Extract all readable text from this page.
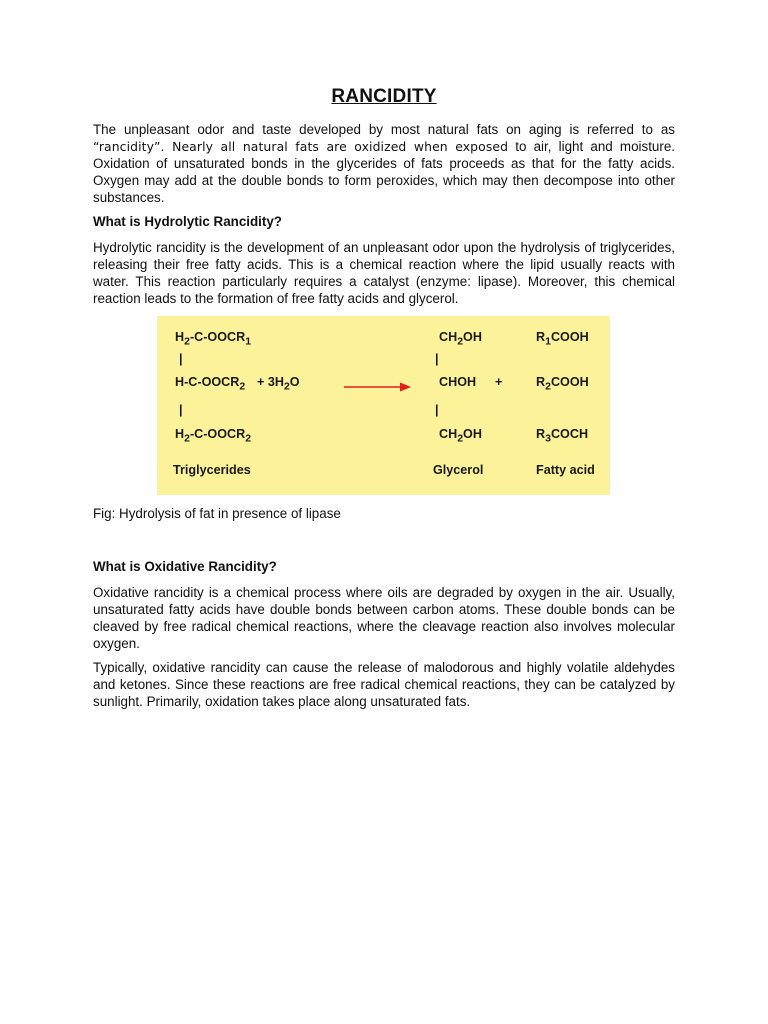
RANCIDITY
The unpleasant odor and taste developed by most natural fats on aging is referred to as “rancidity”. Nearly all natural fats are oxidized when exposed to air, light and moisture. Oxidation of unsaturated bonds in the glycerides of fats proceeds as that for the fatty acids. Oxygen may add at the double bonds to form peroxides, which may then decompose into other substances.
What is Hydrolytic Rancidity?
Hydrolytic rancidity is the development of an unpleasant odor upon the hydrolysis of triglycerides, releasing their free fatty acids. This is a chemical reaction where the lipid usually reacts with water. This reaction particularly requires a catalyst (enzyme: lipase). Moreover, this chemical reaction leads to the formation of free fatty acids and glycerol.
$H_2-C-OOCR_1$
|
$H-C-OOCR_2 + 3H_2O$
|
$H_2-C-OOCR_2$
Triglycerides
$CH_2OH$
|
CHOH +
|
$CH_2OH$
Glycerol
$R_1COOH$
$R_2COOH$
$R_3COCH$
Fatty acid
Fig: Hydrolysis of fat in presence of lipase
What is Oxidative Rancidity?
Oxidative rancidity is a chemical process where oils are degraded by oxygen in the air. Usually, unsaturated fatty acids have double bonds between carbon atoms. These double bonds can be cleaved by free radical chemical reactions, where the cleavage reaction also involves molecular oxygen.
Typically, oxidative rancidity can cause the release of malodorous and highly volatile aldehydes and ketones. Since these reactions are free radical chemical reactions, they can be catalyzed by sunlight. Primarily, oxidation takes place along unsaturated fats.
